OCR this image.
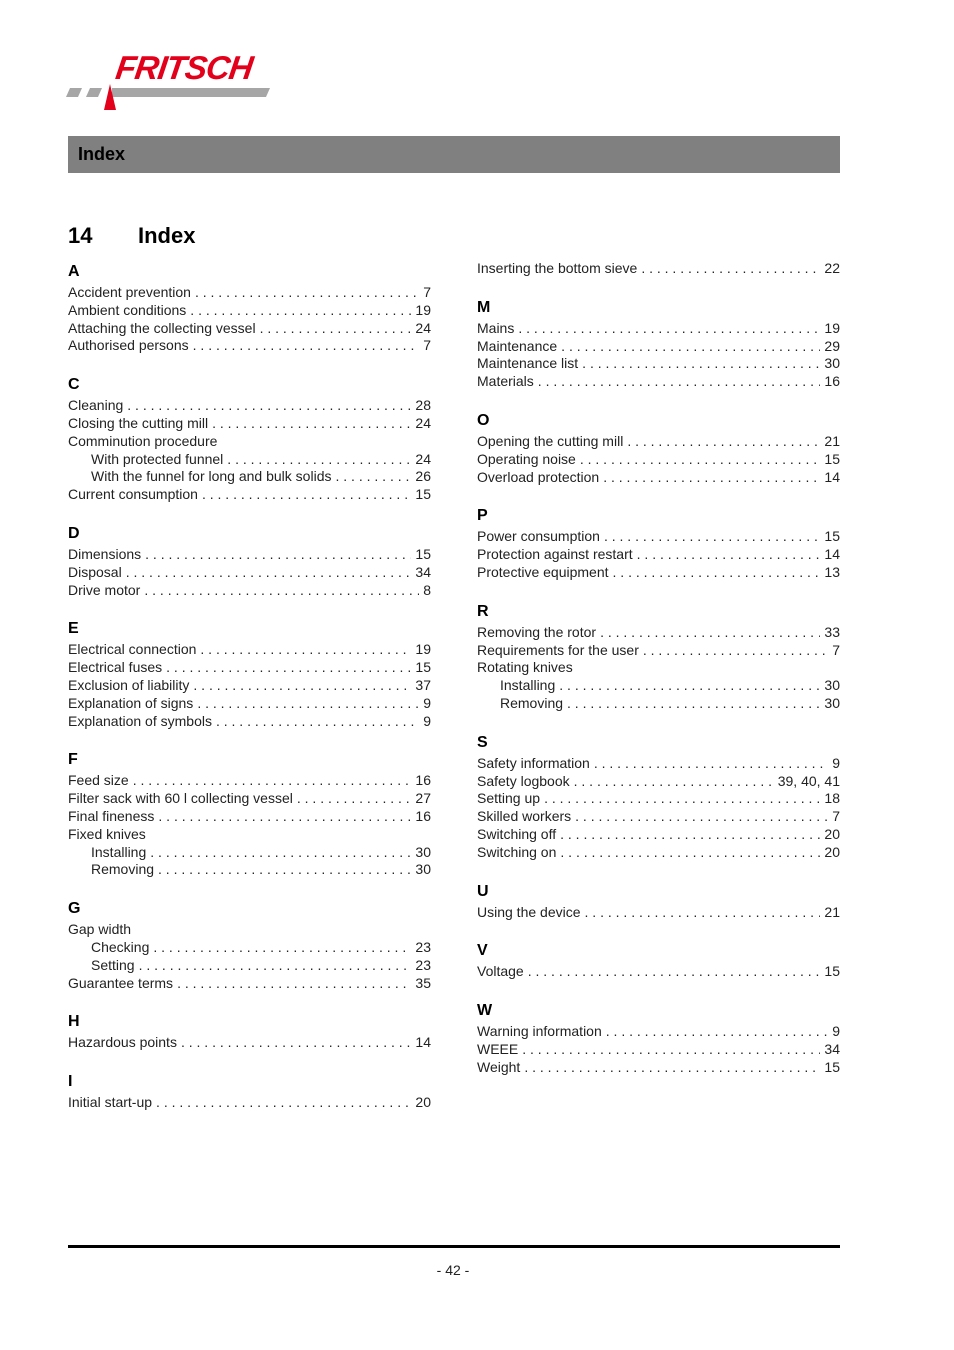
FRITSCH
Index
14	Index
A
Accident prevention . . .	7
Ambient conditions . . .	19
Attaching the collecting vessel . . .	24
Authorised persons . . .	7
C
Cleaning . . .	28
Closing the cutting mill . . .	24
Comminution procedure
With protected funnel . . .	24
With the funnel for long and bulk solids . . .	26
Current consumption . . .	15
D
Dimensions . . .	15
Disposal . . .	34
Drive motor . . .	8
E
Electrical connection . . .	19
Electrical fuses . . .	15
Exclusion of liability . . .	37
Explanation of signs . . .	9
Explanation of symbols . . .	9
F
Feed size . . .	16
Filter sack with 60 l collecting vessel . . .	27
Final fineness . . .	16
Fixed knives
Installing . . .	30
Removing . . .	30
G
Gap width
Checking . . .	23
Setting . . .	23
Guarantee terms . . .	35
H
Hazardous points . . .	14
I
Initial start-up . . .	20
Inserting the bottom sieve . . .	22
M
Mains . . .	19
Maintenance . . .	29
Maintenance list . . .	30
Materials . . .	16
O
Opening the cutting mill . . .	21
Operating noise . . .	15
Overload protection . . .	14
P
Power consumption . . .	15
Protection against restart . . .	14
Protective equipment . . .	13
R
Removing the rotor . . .	33
Requirements for the user . . .	7
Rotating knives
Installing . . .	30
Removing . . .	30
S
Safety information . . .	9
Safety logbook . . .	39, 40, 41
Setting up . . .	18
Skilled workers . . .	7
Switching off . . .	20
Switching on . . .	20
U
Using the device . . .	21
V
Voltage . . .	15
W
Warning information . . .	9
WEEE . . .	34
Weight . . .	15
- 42 -
